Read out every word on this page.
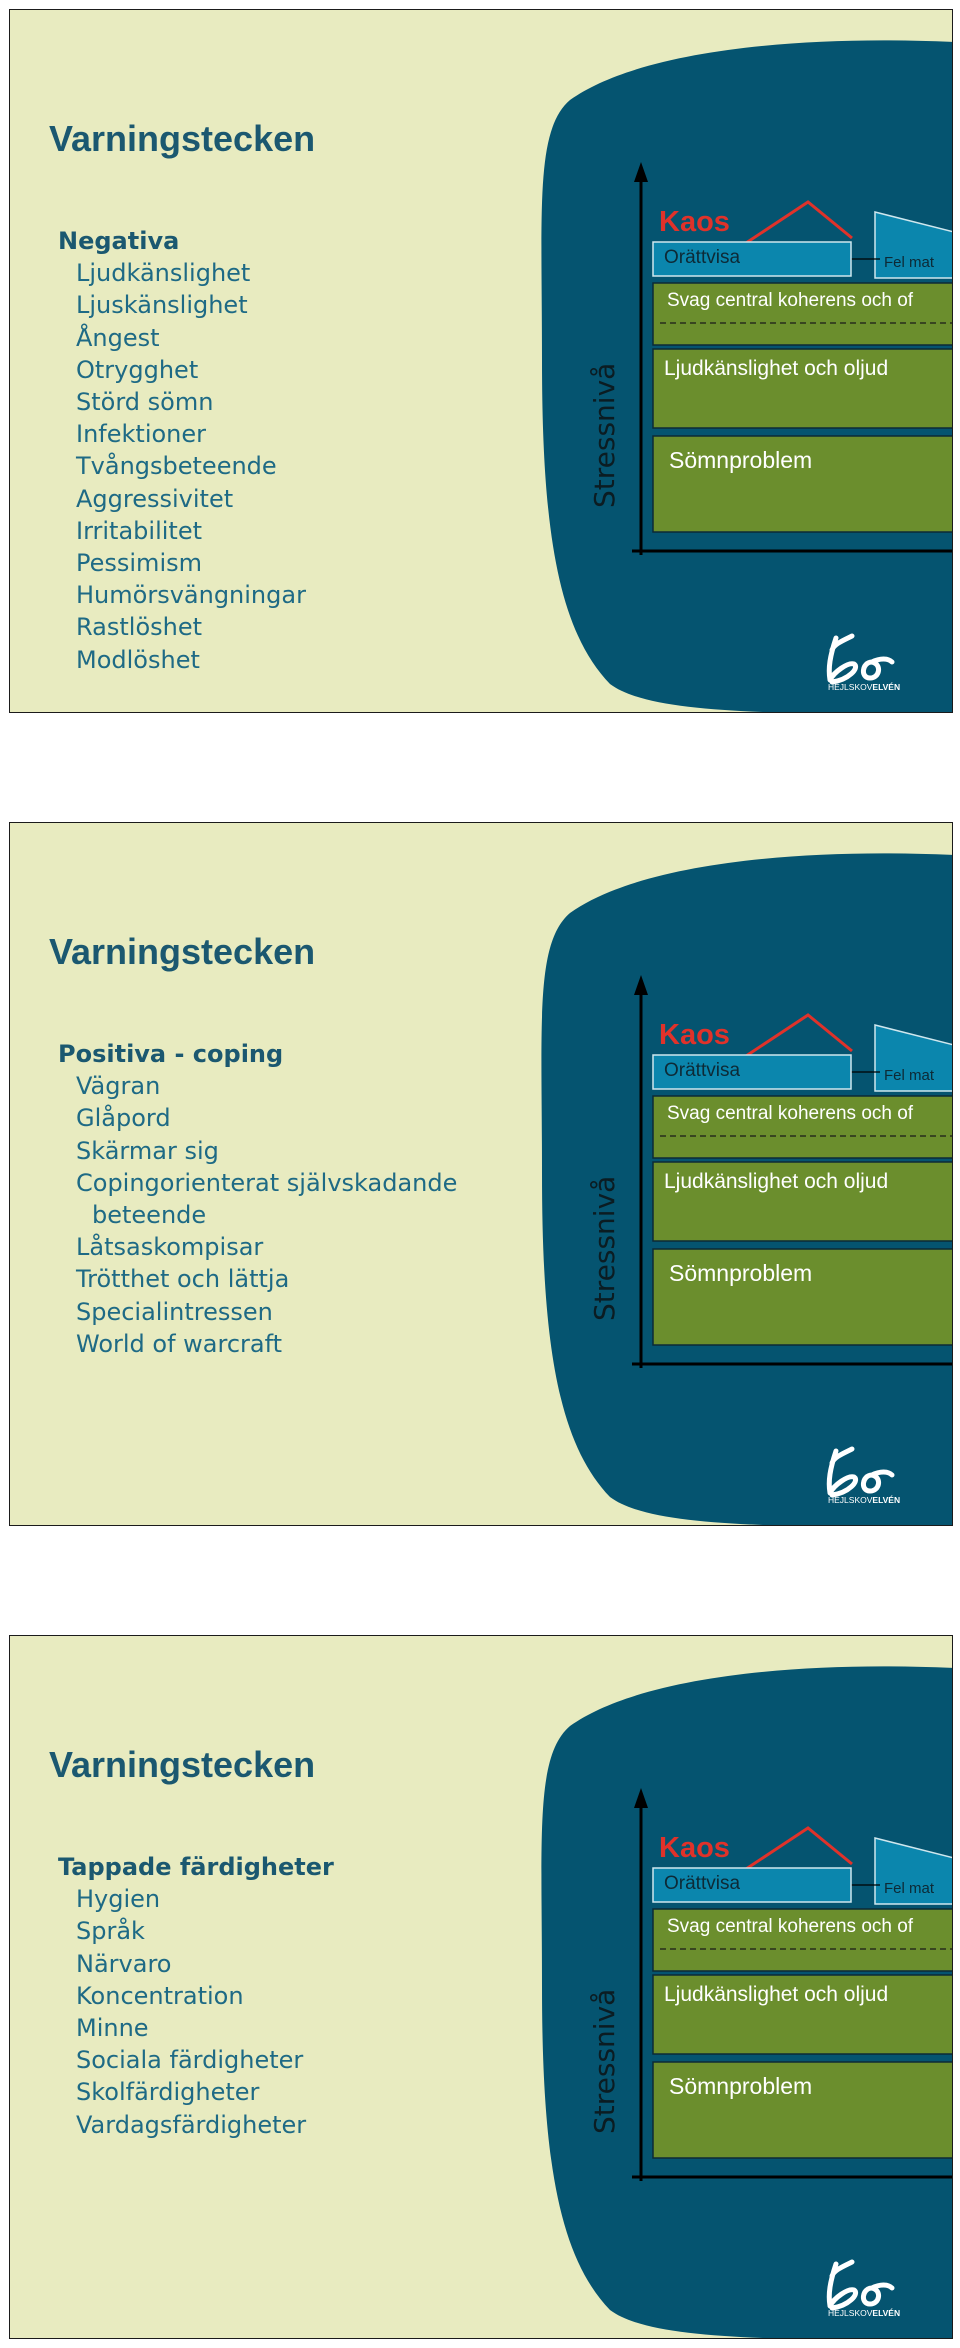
Varningstecken
Negativa
Ljudkänslighet
Ljuskänslighet
Ångest
Otrygghet
Störd sömn
Infektioner
Tvångsbeteende
Aggressivitet
Irritabilitet
Pessimism
Humörsvängningar
Rastlöshet
Modlöshet
Kaos
Orättvisa	Fel mat
Svag central koherens och of
Ljudkänslighet och oljud
Sömnproblem
Stressnivå
HEJLSKOVELVÉN
Varningstecken
Positiva - coping
Vägran
Glåpord
Skärmar sig
Copingorienterat självskadande
beteende
Låtsaskompisar
Trötthet och lättja
Specialintressen
World of warcraft
Kaos
Orättvisa	Fel mat
Svag central koherens och of
Ljudkänslighet och oljud
Sömnproblem
Stressnivå
HEJLSKOVELVÉN
Varningstecken
Tappade färdigheter
Hygien
Språk
Närvaro
Koncentration
Minne
Sociala färdigheter
Skolfärdigheter
Vardagsfärdigheter
Kaos
Orättvisa	Fel mat
Svag central koherens och of
Ljudkänslighet och oljud
Sömnproblem
Stressnivå
HEJLSKOVELVÉN
